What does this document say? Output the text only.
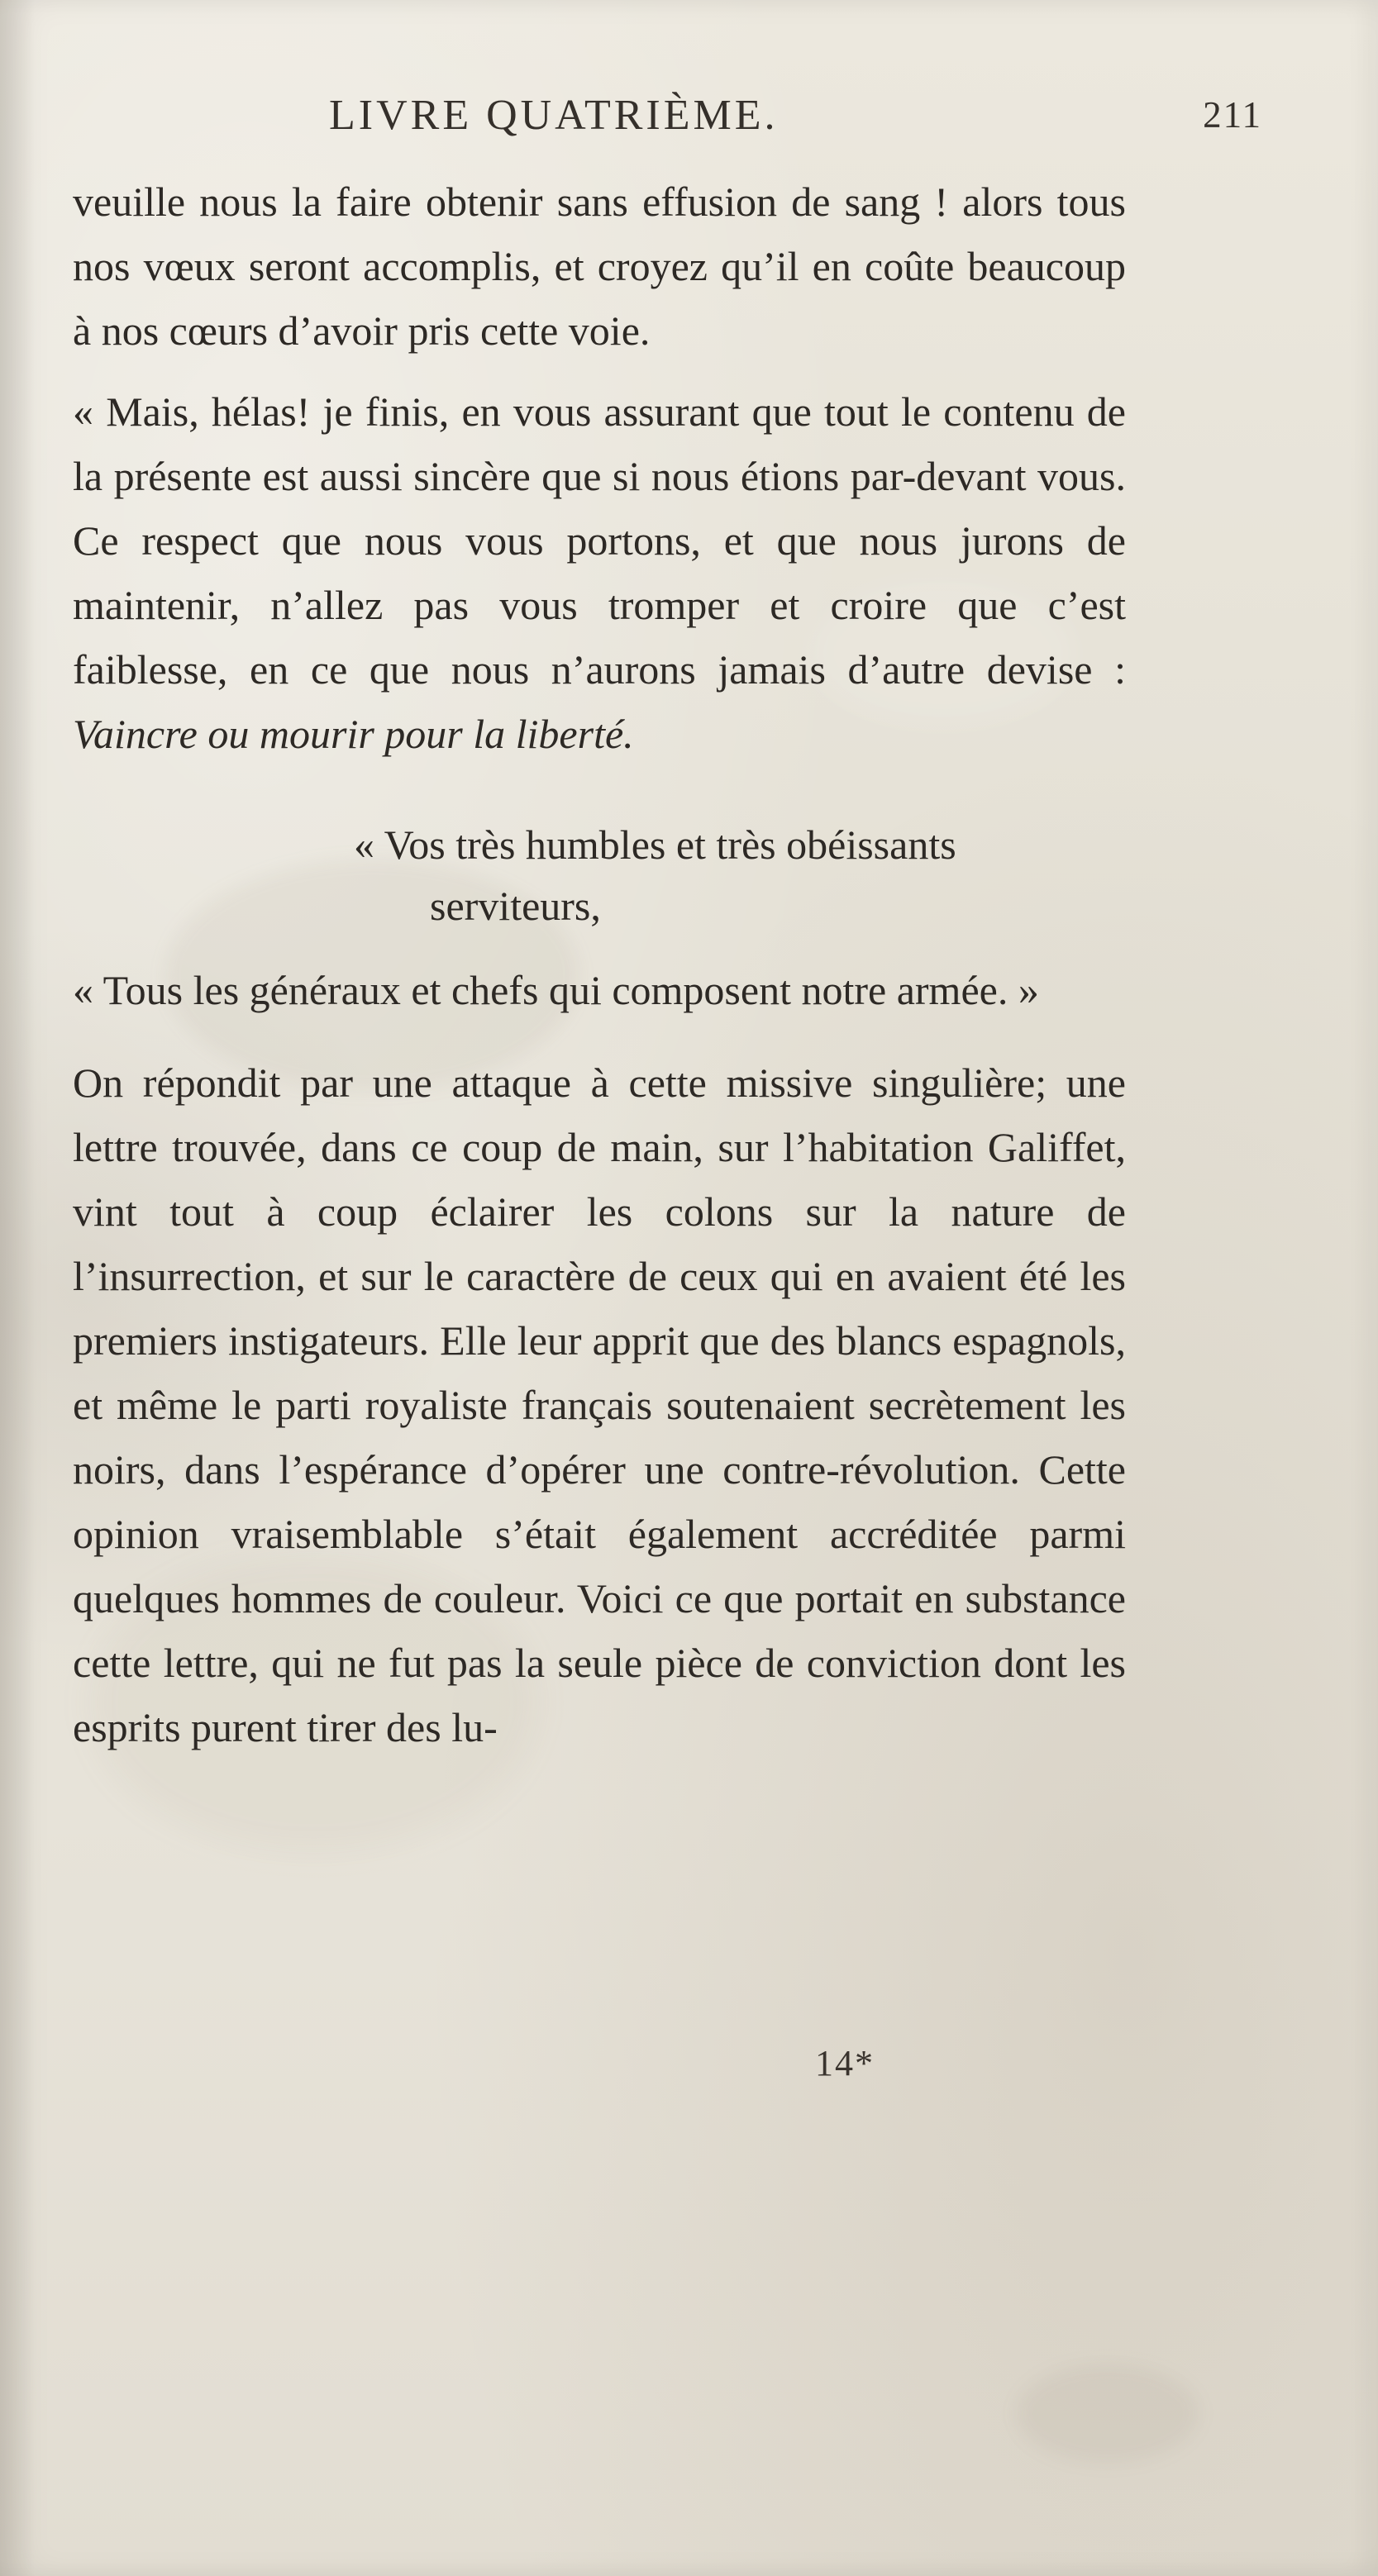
LIVRE QUATRIÈME.	211

veuille nous la faire obtenir sans effusion de sang ! alors tous nos vœux seront accomplis, et croyez qu’il en coûte beaucoup à nos cœurs d’avoir pris cette voie.

« Mais, hélas! je finis, en vous assurant que tout le contenu de la présente est aussi sincère que si nous étions par-devant vous. Ce respect que nous vous portons, et que nous jurons de maintenir, n’allez pas vous tromper et croire que c’est faiblesse, en ce que nous n’aurons jamais d’autre devise : Vaincre ou mourir pour la liberté.

« Vos très humbles et très obéissants
serviteurs,

« Tous les généraux et chefs qui composent notre armée. »

On répondit par une attaque à cette missive singulière; une lettre trouvée, dans ce coup de main, sur l’habitation Galiffet, vint tout à coup éclairer les colons sur la nature de l’insurrection, et sur le caractère de ceux qui en avaient été les premiers instigateurs. Elle leur apprit que des blancs espagnols, et même le parti royaliste français soutenaient secrètement les noirs, dans l’espérance d’opérer une contre-révolution. Cette opinion vraisemblable s’était également accréditée parmi quelques hommes de couleur. Voici ce que portait en substance cette lettre, qui ne fut pas la seule pièce de conviction dont les esprits purent tirer des lu-

14*
